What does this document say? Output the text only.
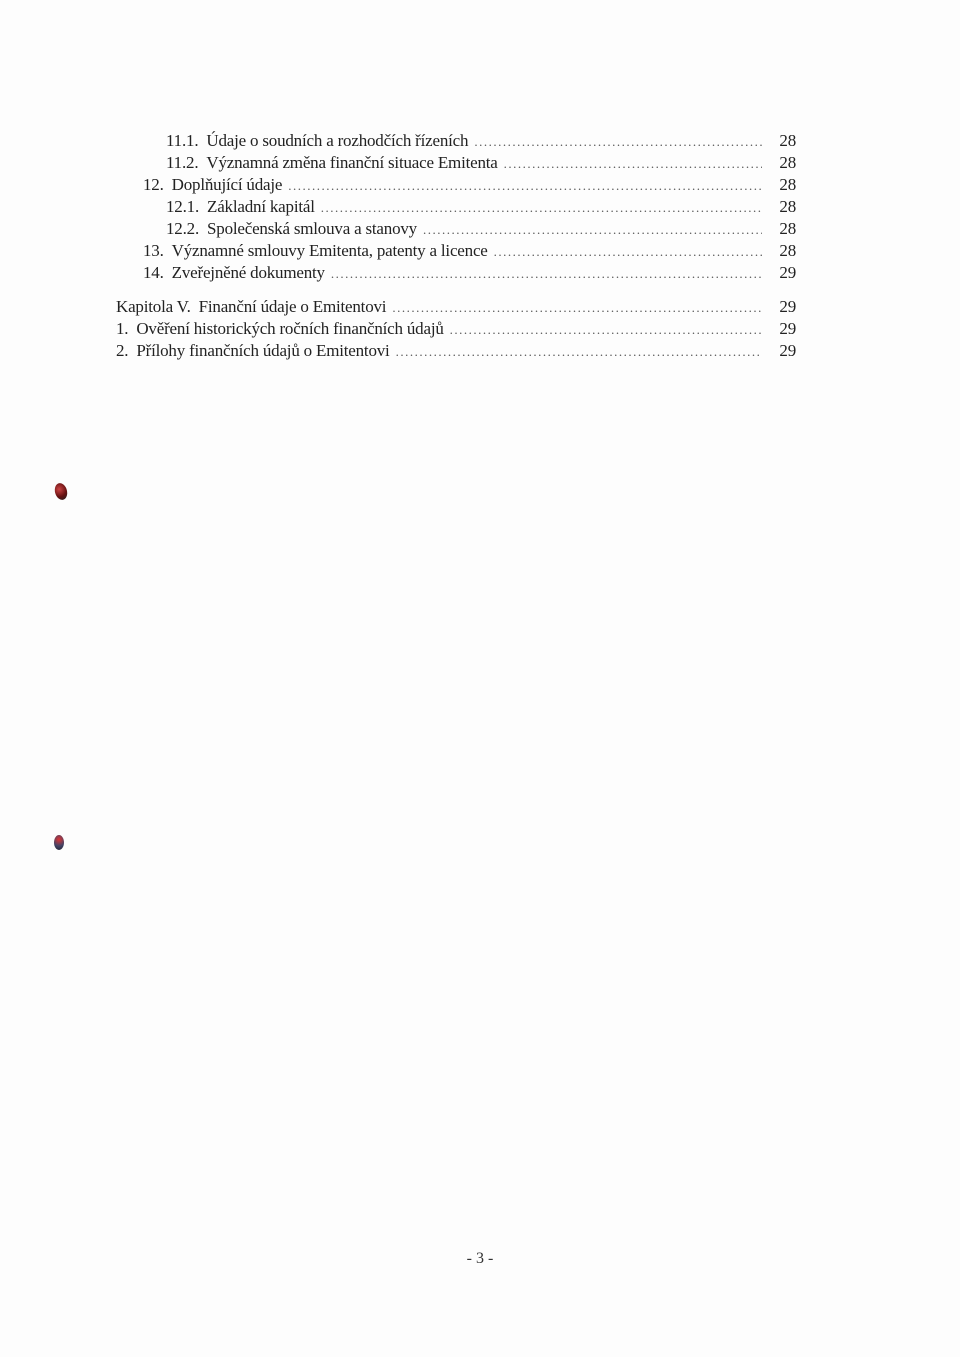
11.1. Údaje o soudních a rozhodčích řízeních .....	28
11.2. Významná změna finanční situace Emitenta .....	28
12. Doplňující údaje .....	28
12.1. Základní kapitál .....	28
12.2. Společenská smlouva a stanovy .....	28
13. Významné smlouvy Emitenta, patenty a licence .....	28
14. Zveřejněné dokumenty .....	29
Kapitola V. Finanční údaje o Emitentovi .....	29
1. Ověření historických ročních finančních údajů .....	29
2. Přílohy finančních údajů o Emitentovi .....	29
- 3 -
